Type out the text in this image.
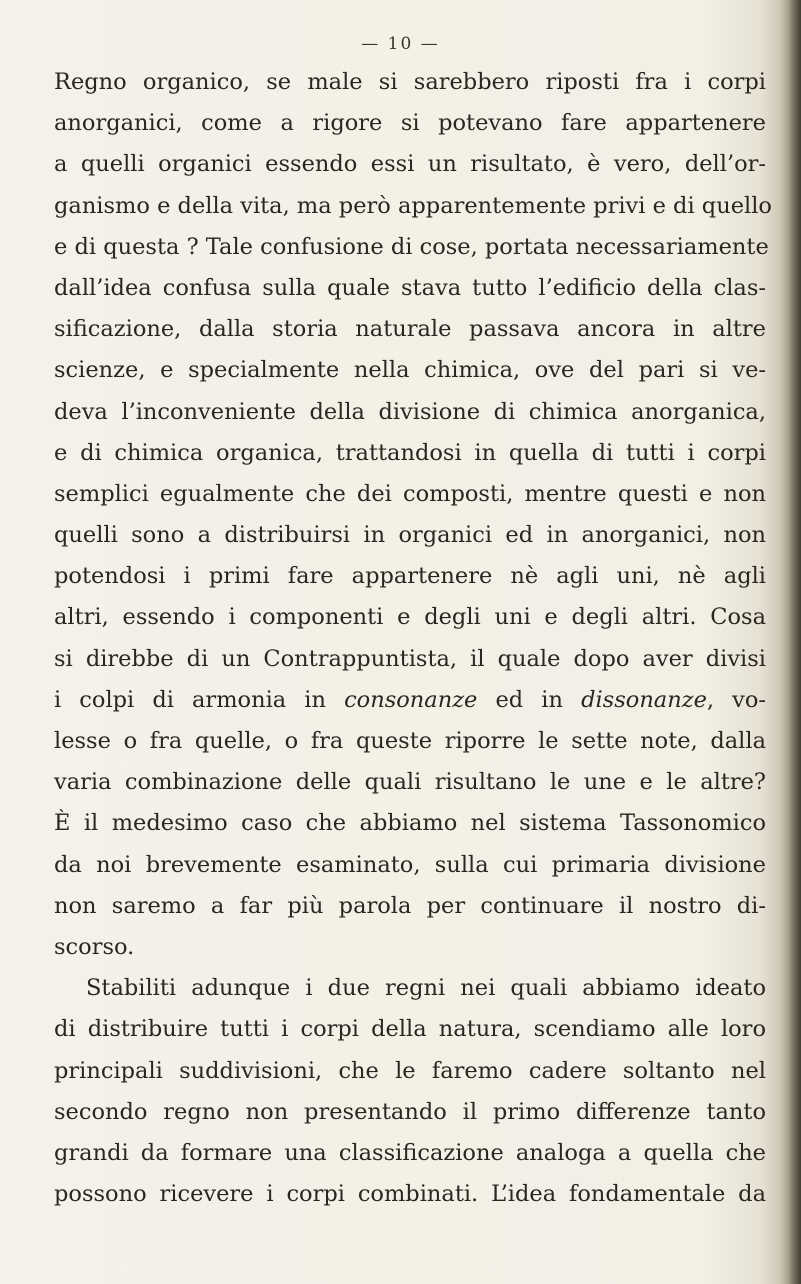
— 10 —
Regno organico, se male si sarebbero riposti fra i corpi
anorganici, come a rigore si potevano fare appartenere
a quelli organici essendo essi un risultato, è vero, dell’or-
ganismo e della vita, ma però apparentemente privi e di quello
e di questa ? Tale confusione di cose, portata necessariamente
dall’idea confusa sulla quale stava tutto l’edificio della clas-
sificazione, dalla storia naturale passava ancora in altre
scienze, e specialmente nella chimica, ove del pari si ve-
deva l’inconveniente della divisione di chimica anorganica,
e di chimica organica, trattandosi in quella di tutti i corpi
semplici egualmente che dei composti, mentre questi e non
quelli sono a distribuirsi in organici ed in anorganici, non
potendosi i primi fare appartenere nè agli uni, nè agli
altri, essendo i componenti e degli uni e degli altri. Cosa
si direbbe di un Contrappuntista, il quale dopo aver divisi
i colpi di armonia in consonanze ed in dissonanze, vo-
lesse o fra quelle, o fra queste riporre le sette note, dalla
varia combinazione delle quali risultano le une e le altre?
È il medesimo caso che abbiamo nel sistema Tassonomico
da noi brevemente esaminato, sulla cui primaria divisione
non saremo a far più parola per continuare il nostro di-
scorso.
Stabiliti adunque i due regni nei quali abbiamo ideato
di distribuire tutti i corpi della natura, scendiamo alle loro
principali suddivisioni, che le faremo cadere soltanto nel
secondo regno non presentando il primo differenze tanto
grandi da formare una classificazione analoga a quella che
possono ricevere i corpi combinati. L’idea fondamentale da
